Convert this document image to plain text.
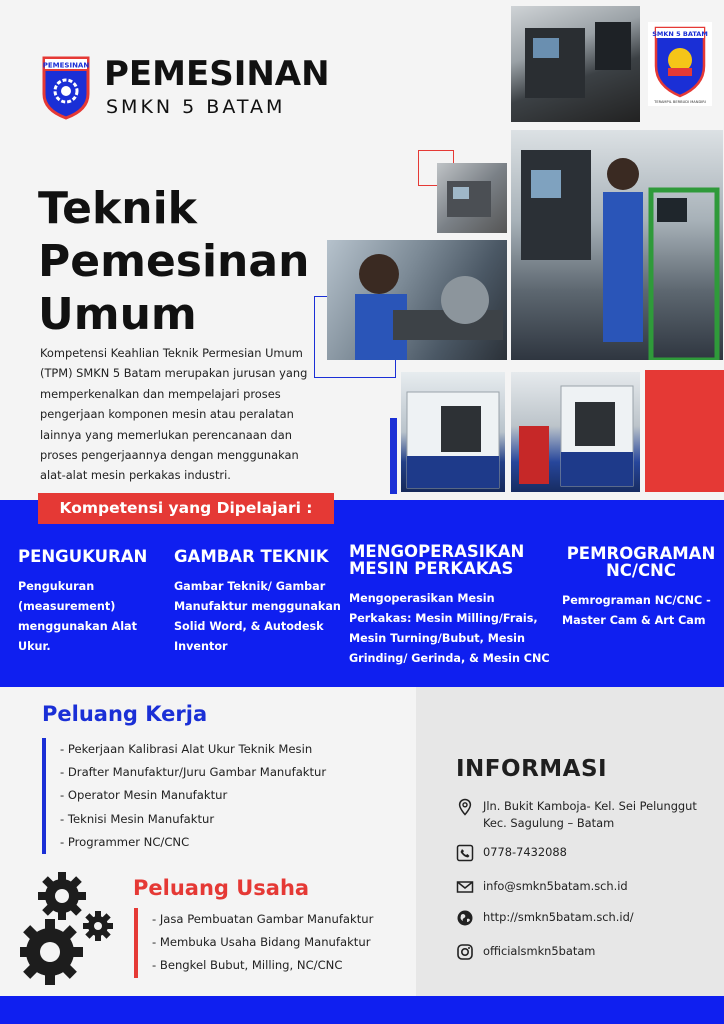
PEMESINAN PEMESINAN
SMKN 5 BATAM
SMKN 5 BATAM
TERAMPIL BERBUDI MANDIRI
Teknik
Pemesinan
Umum

Kompetensi Keahlian Teknik Permesian Umum (TPM) SMKN 5 Batam merupakan jurusan yang memperkenalkan dan mempelajari proses pengerjaan komponen mesin atau peralatan lainnya yang memerlukan perencanaan dan proses pengerjaannya dengan menggunakan alat-alat mesin perkakas industri.

Kompetensi yang Dipelajari :
PENGUKURAN
Pengukuran (measurement) menggunakan Alat Ukur.
GAMBAR TEKNIK
Gambar Teknik/ Gambar Manufaktur menggunakan Solid Word, & Autodesk Inventor
MENGOPERASIKAN MESIN PERKAKAS
Mengoperasikan Mesin Perkakas: Mesin Milling/Frais, Mesin Turning/Bubut, Mesin Grinding/ Gerinda, & Mesin CNC
PEMROGRAMAN NC/CNC
Pemrograman NC/CNC - Master Cam & Art Cam
Peluang Kerja
- Pekerjaan Kalibrasi Alat Ukur Teknik Mesin
- Drafter Manufaktur/Juru Gambar Manufaktur
- Operator Mesin Manufaktur
- Teknisi Mesin Manufaktur
- Programmer NC/CNC
Peluang Usaha
- Jasa Pembuatan Gambar Manufaktur
- Membuka Usaha Bidang Manufaktur
- Bengkel Bubut, Milling, NC/CNC
INFORMASI
Jln. Bukit Kamboja- Kel. Sei Pelunggut
Kec. Sagulung – Batam
0778-7432088
info@smkn5batam.sch.id
http://smkn5batam.sch.id/
officialsmkn5batam
